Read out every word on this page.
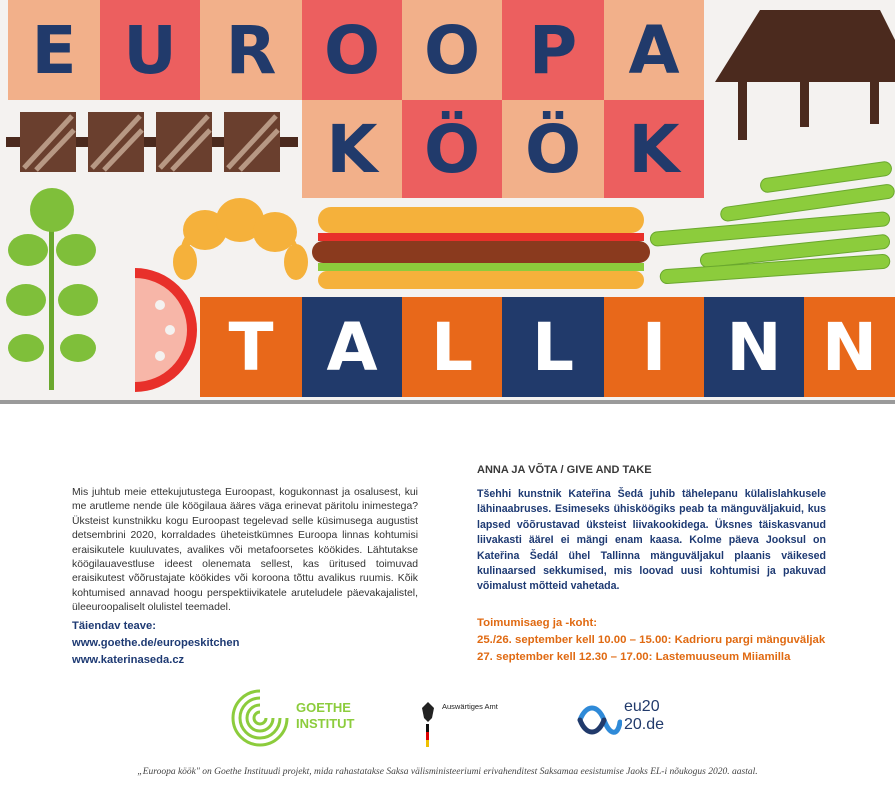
E U R O O P A
K Ö Ö K
T A L L	I N N
Mis juhtub meie ettekujutustega Euroopast, kogukonnast ja osalusest, kui me arutleme nende üle köögilaua ääres väga erinevat päritolu inimestega? Üksteist kunstnikku kogu Euroopast tegelevad selle küsimusega augustist detsembrini 2020, korraldades üheteistkümnes Euroopa linnas kohtumisi eraisikutele kuuluvates, avalikes või metafoorsetes köökides. Lähtutakse köögilauavestluse ideest olenemata sellest, kas üritused toimuvad eraisikutest võõrustajate köökides või koroona tõttu avalikus ruumis. Kõik kohtumised annavad hoogu perspektiivikatele aruteludele päevakajalistel, üleeuroopaliselt olulistel teemadel.
Täiendav teave:
www.goethe.de/europeskitchen
www.katerinaseda.cz
ANNA JA VÕTA / GIVE AND TAKE
Tšehhi kunstnik Kateřina Šedá juhib tähelepanu külalislahkusele lähinaabruses. Esimeseks ühisköögiks peab ta mänguväljakuid, kus lapsed võõrustavad üksteist liivakookidega. Üksnes täiskasvanud liivakasti ääreI ei mängi enam kaasa. Kolme päeva Jooksul on Kateřina Šedál ühel Tallinna mänguväljakul plaanis väikesed kulinaarsed sekkumised, mis loovad uusi kohtumisi ja pakuvad võimalust mõtteid vahetada.
Toimumisaeg ja -koht:
25./26. september kell 10.00 – 15.00: Kadrioru pargi mänguväljak
27. september kell 12.30 – 17.00: Lastemuuseum Miiamilla
GOETHE
INSTITUT
Auswärtiges Amt	eu20
20.de
„Euroopa köök" on Goethe Instituudi projekt, mida rahastatakse Saksa välisministeeriumi erivahenditest Saksamaa eesistumise Jaoks EL-i nõukogus 2020. aastal.
